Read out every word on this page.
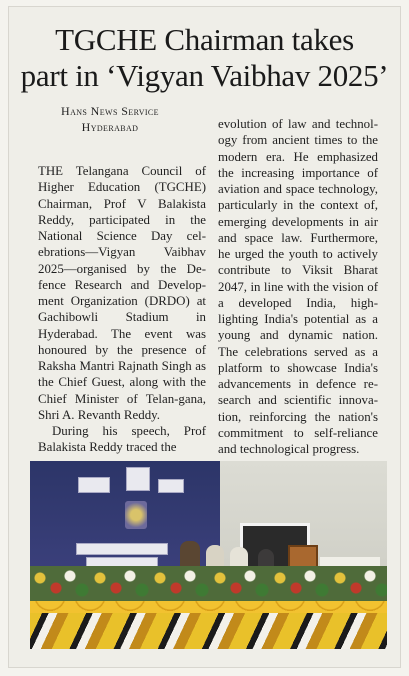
TGCHE Chairman takes
part in ‘Vigyan Vaibhav 2025’
Hans News Service
Hyderabad

THE Telangana Council of Higher Education (TGCHE) Chairman, Prof V Balakista Reddy, participated in the National Science Day cel-ebrations—Vigyan Vaibhav 2025—organised by the De-fence Research and Develop-ment Organization (DRDO) at Gachibowli Stadium in Hyderabad. The event was honoured by the presence of Raksha Mantri Rajnath Singh as the Chief Guest, along with the Chief Minister of Telan-gana, Shri A. Revanth Reddy.

During his speech, Prof Balakista Reddy traced the

evolution of law and technol-ogy from ancient times to the modern era. He emphasized the increasing importance of aviation and space technology, particularly in the context of, emerging developments in air and space law. Furthermore, he urged the youth to actively contribute to Viksit Bharat 2047, in line with the vision of a developed India, high-lighting India's potential as a young and dynamic nation. The celebrations served as a platform to showcase India's advancements in defence re-search and scientific innova-tion, reinforcing the nation's commitment to self-reliance and technological progress.
